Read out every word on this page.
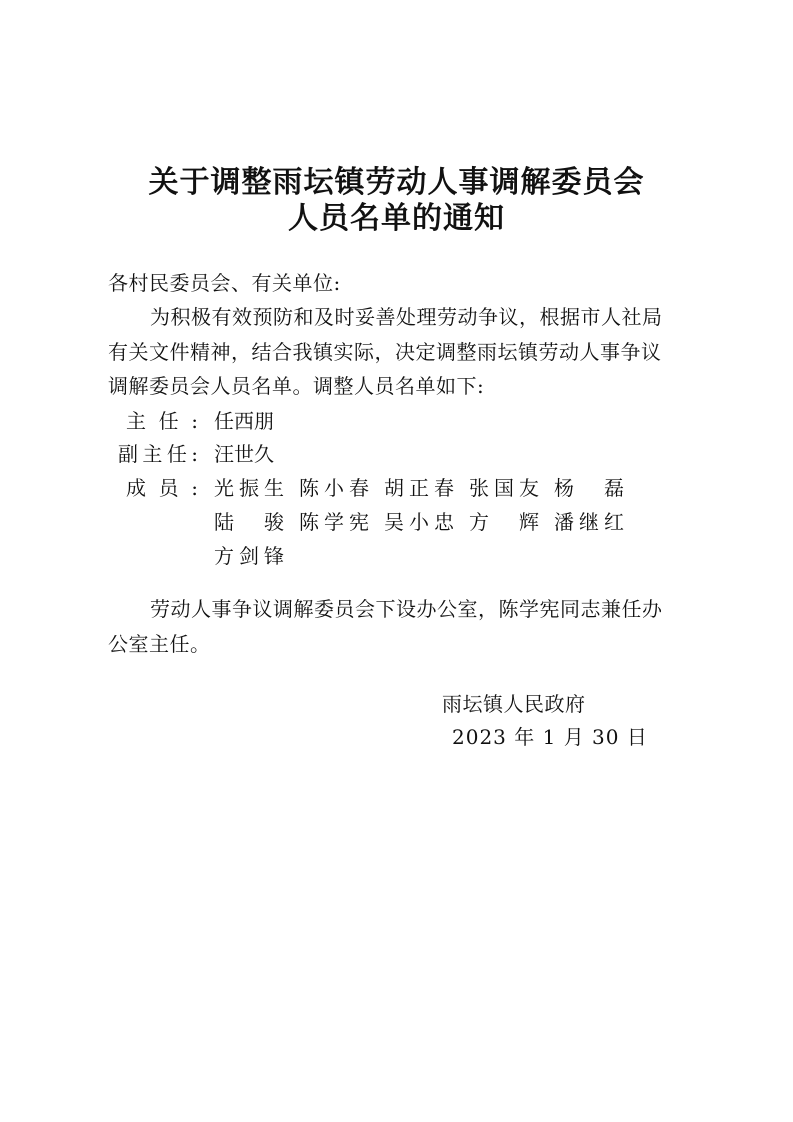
关于调整雨坛镇劳动人事调解委员会
人员名单的通知
各村民委员会、有关单位:
为积极有效预防和及时妥善处理劳动争议，根据市人社局
有关文件精神，结合我镇实际，决定调整雨坛镇劳动人事争议
调解委员会人员名单。调整人员名单如下:
主任: 任西朋
副主任: 汪世久
成员: 光振生 陈小春 胡正春 张国友 杨磊
陆骏 陈学宪 吴小忠 方辉 潘继红
方剑锋
劳动人事争议调解委员会下设办公室，陈学宪同志兼任办
公室主任。
雨坛镇人民政府
2023 年 1 月 30 日
